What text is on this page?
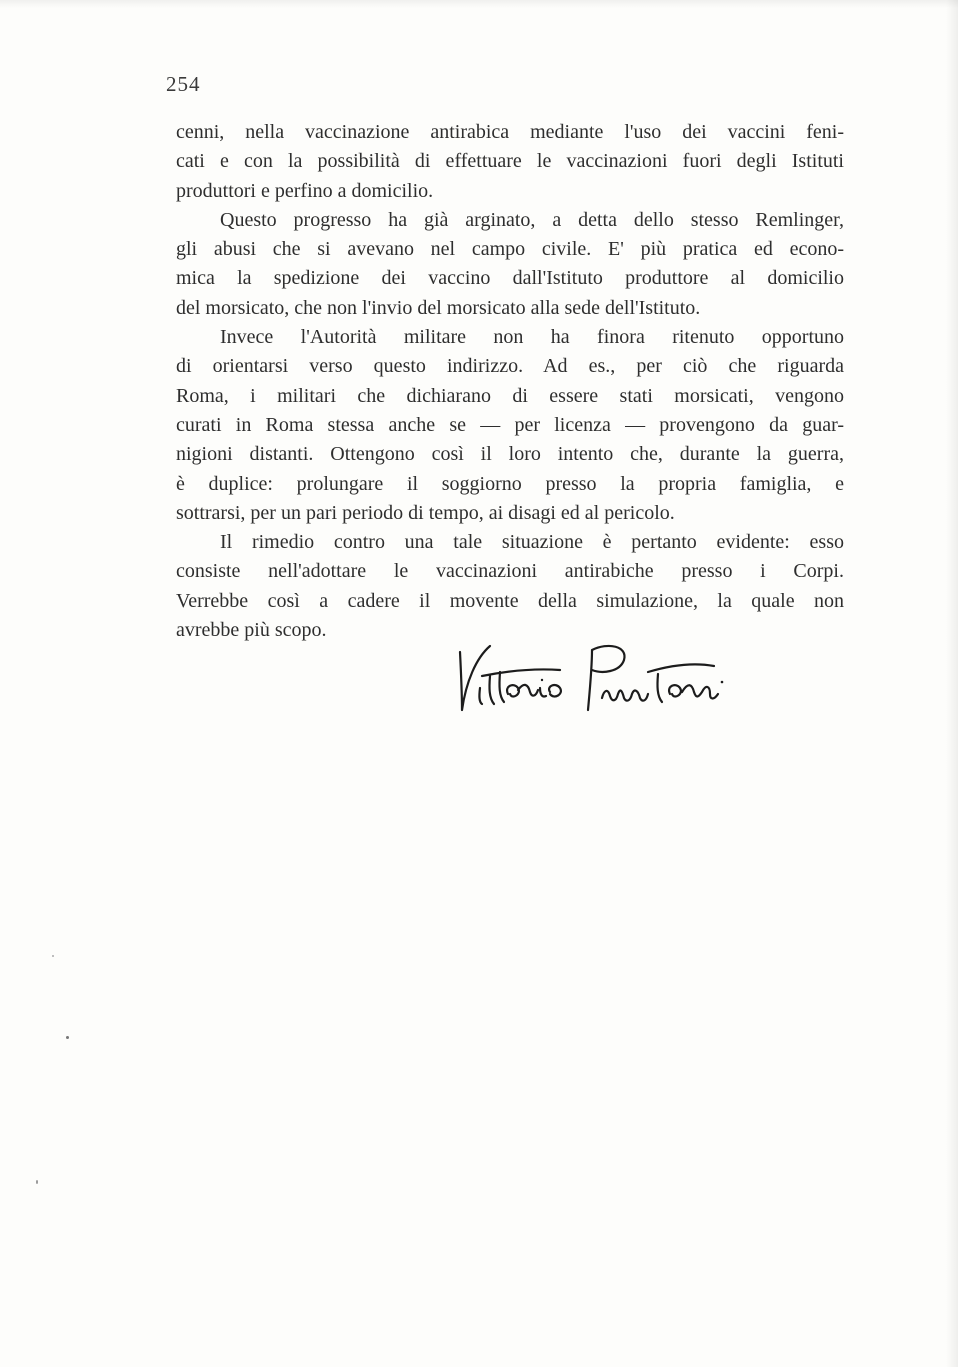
254
cenni, nella vaccinazione antirabica mediante l'uso dei vaccini feni-
cati e con la possibilità di effettuare le vaccinazioni fuori degli Istituti
produttori e perfino a domicilio.
Questo progresso ha già arginato, a detta dello stesso Remlinger,
gli abusi che si avevano nel campo civile. E' più pratica ed econo-
mica la spedizione dei vaccino dall'Istituto produttore al domicilio
del morsicato, che non l'invio del morsicato alla sede dell'Istituto.
Invece l'Autorità militare non ha finora ritenuto opportuno
di orientarsi verso questo indirizzo. Ad es., per ciò che riguarda
Roma, i militari che dichiarano di essere stati morsicati, vengono
curati in Roma stessa anche se — per licenza — provengono da guar-
nigioni distanti. Ottengono così il loro intento che, durante la guerra,
è duplice: prolungare il soggiorno presso la propria famiglia, e
sottrarsi, per un pari periodo di tempo, ai disagi ed al pericolo.
Il rimedio contro una tale situazione è pertanto evidente: esso
consiste nell'adottare le vaccinazioni antirabiche presso i Corpi.
Verrebbe così a cadere il movente della simulazione, la quale non
avrebbe più scopo.
